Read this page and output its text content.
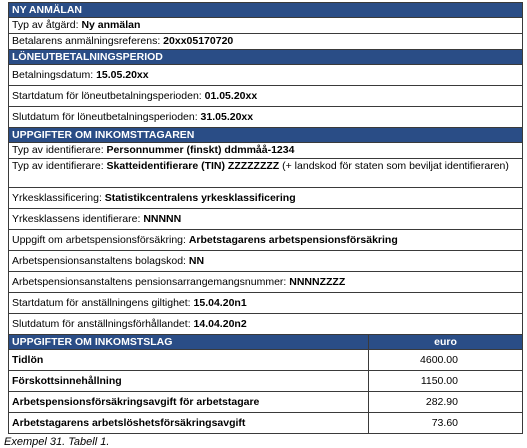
NY ANMÄLAN	
Typ av åtgärd: Ny anmälan	
Betalarens anmälningsreferens: 20xx05170720	
LÖNEUTBETALNINGSPERIOD	
Betalningsdatum: 15.05.20xx	
Startdatum för löneutbetalningsperioden: 01.05.20xx	
Slutdatum för löneutbetalningsperioden: 31.05.20xx	
UPPGIFTER OM INKOMSTTAGAREN	
Typ av identifierare: Personnummer (finskt) ddmmåå-1234	
Typ av identifierare: Skatteidentifierare (TIN) ZZZZZZZZ (+ landskod för staten som beviljat identifieraren)	
Yrkesklassificering: Statistikcentralens yrkesklassificering	
Yrkesklassens identifierare: NNNNN	
Uppgift om arbetspensionsförsäkring: Arbetstagarens arbetspensionsförsäkring	
Arbetspensionsanstaltens bolagskod: NN	
Arbetspensionsanstaltens pensionsarrangemangsnummer: NNNNZZZZ	
Startdatum för anställningens giltighet: 15.04.20n1	
Slutdatum för anställningsförhållandet: 14.04.20n2	
UPPGIFTER OM INKOMSTSLAG	euro
Tidlön	4600.00
Förskottsinnehållning	1150.00
Arbetspensionsförsäkringsavgift för arbetstagare	282.90
Arbetstagarens arbetslöshetsförsäkringsavgift	73.60
Exempel 31. Tabell 1.
